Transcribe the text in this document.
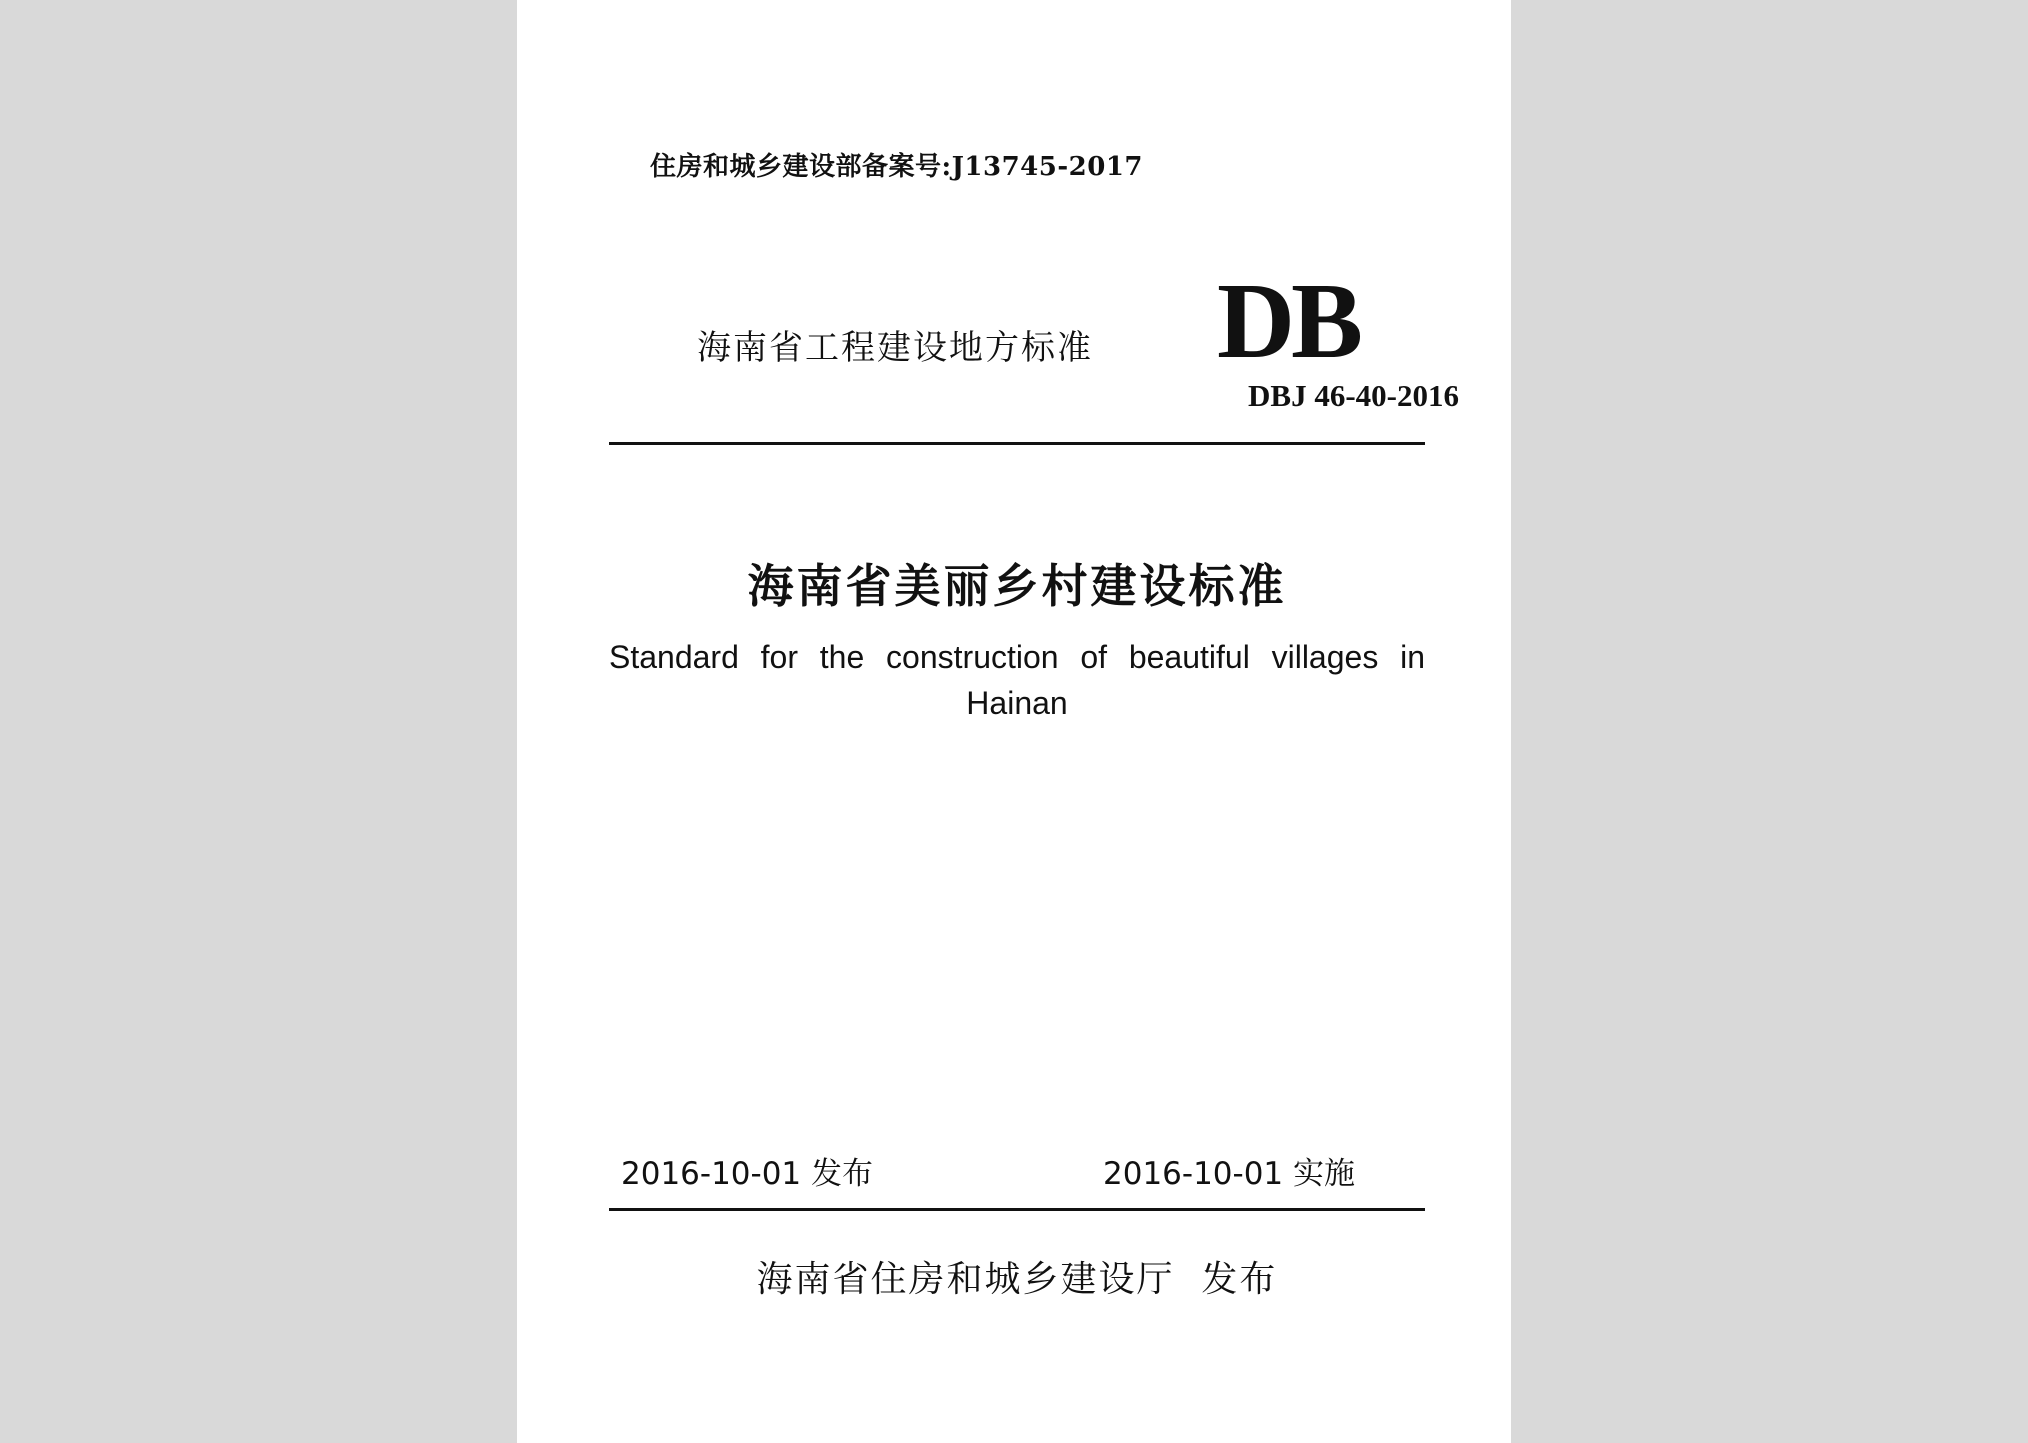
住房和城乡建设部备案号:J13745-2017

海南省工程建设地方标准 DB

DBJ 46-40-2016

海南省美丽乡村建设标准

Standard for the construction of beautiful villages in Hainan

2016-10-01 发布	2016-10-01 实施

海南省住房和城乡建设厅  发布
